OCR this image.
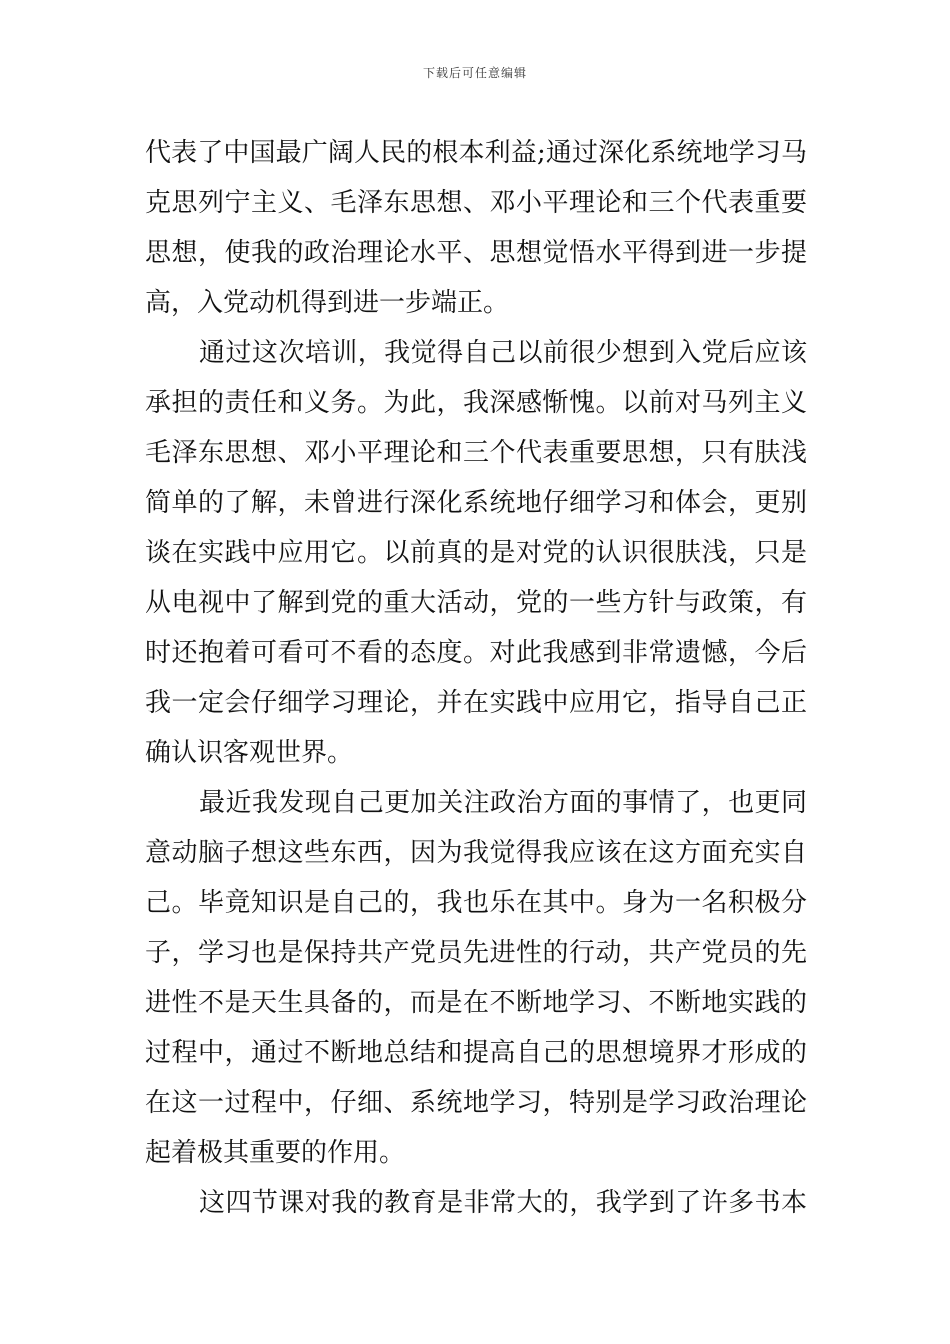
下载后可任意编辑
代表了中国最广阔人民的根本利益;通过深化系统地学习马
克思列宁主义、毛泽东思想、邓小平理论和三个代表重要
思想，使我的政治理论水平、思想觉悟水平得到进一步提
高，入党动机得到进一步端正。
通过这次培训，我觉得自己以前很少想到入党后应该
承担的责任和义务。为此，我深感惭愧。以前对马列主义
毛泽东思想、邓小平理论和三个代表重要思想，只有肤浅
简单的了解，未曾进行深化系统地仔细学习和体会，更别
谈在实践中应用它。以前真的是对党的认识很肤浅，只是
从电视中了解到党的重大活动，党的一些方针与政策，有
时还抱着可看可不看的态度。对此我感到非常遗憾，今后
我一定会仔细学习理论，并在实践中应用它，指导自己正
确认识客观世界。
最近我发现自己更加关注政治方面的事情了，也更同
意动脑子想这些东西，因为我觉得我应该在这方面充实自
己。毕竟知识是自己的，我也乐在其中。身为一名积极分
子，学习也是保持共产党员先进性的行动，共产党员的先
进性不是天生具备的，而是在不断地学习、不断地实践的
过程中，通过不断地总结和提高自己的思想境界才形成的
在这一过程中，仔细、系统地学习，特别是学习政治理论
起着极其重要的作用。
这四节课对我的教育是非常大的，我学到了许多书本
